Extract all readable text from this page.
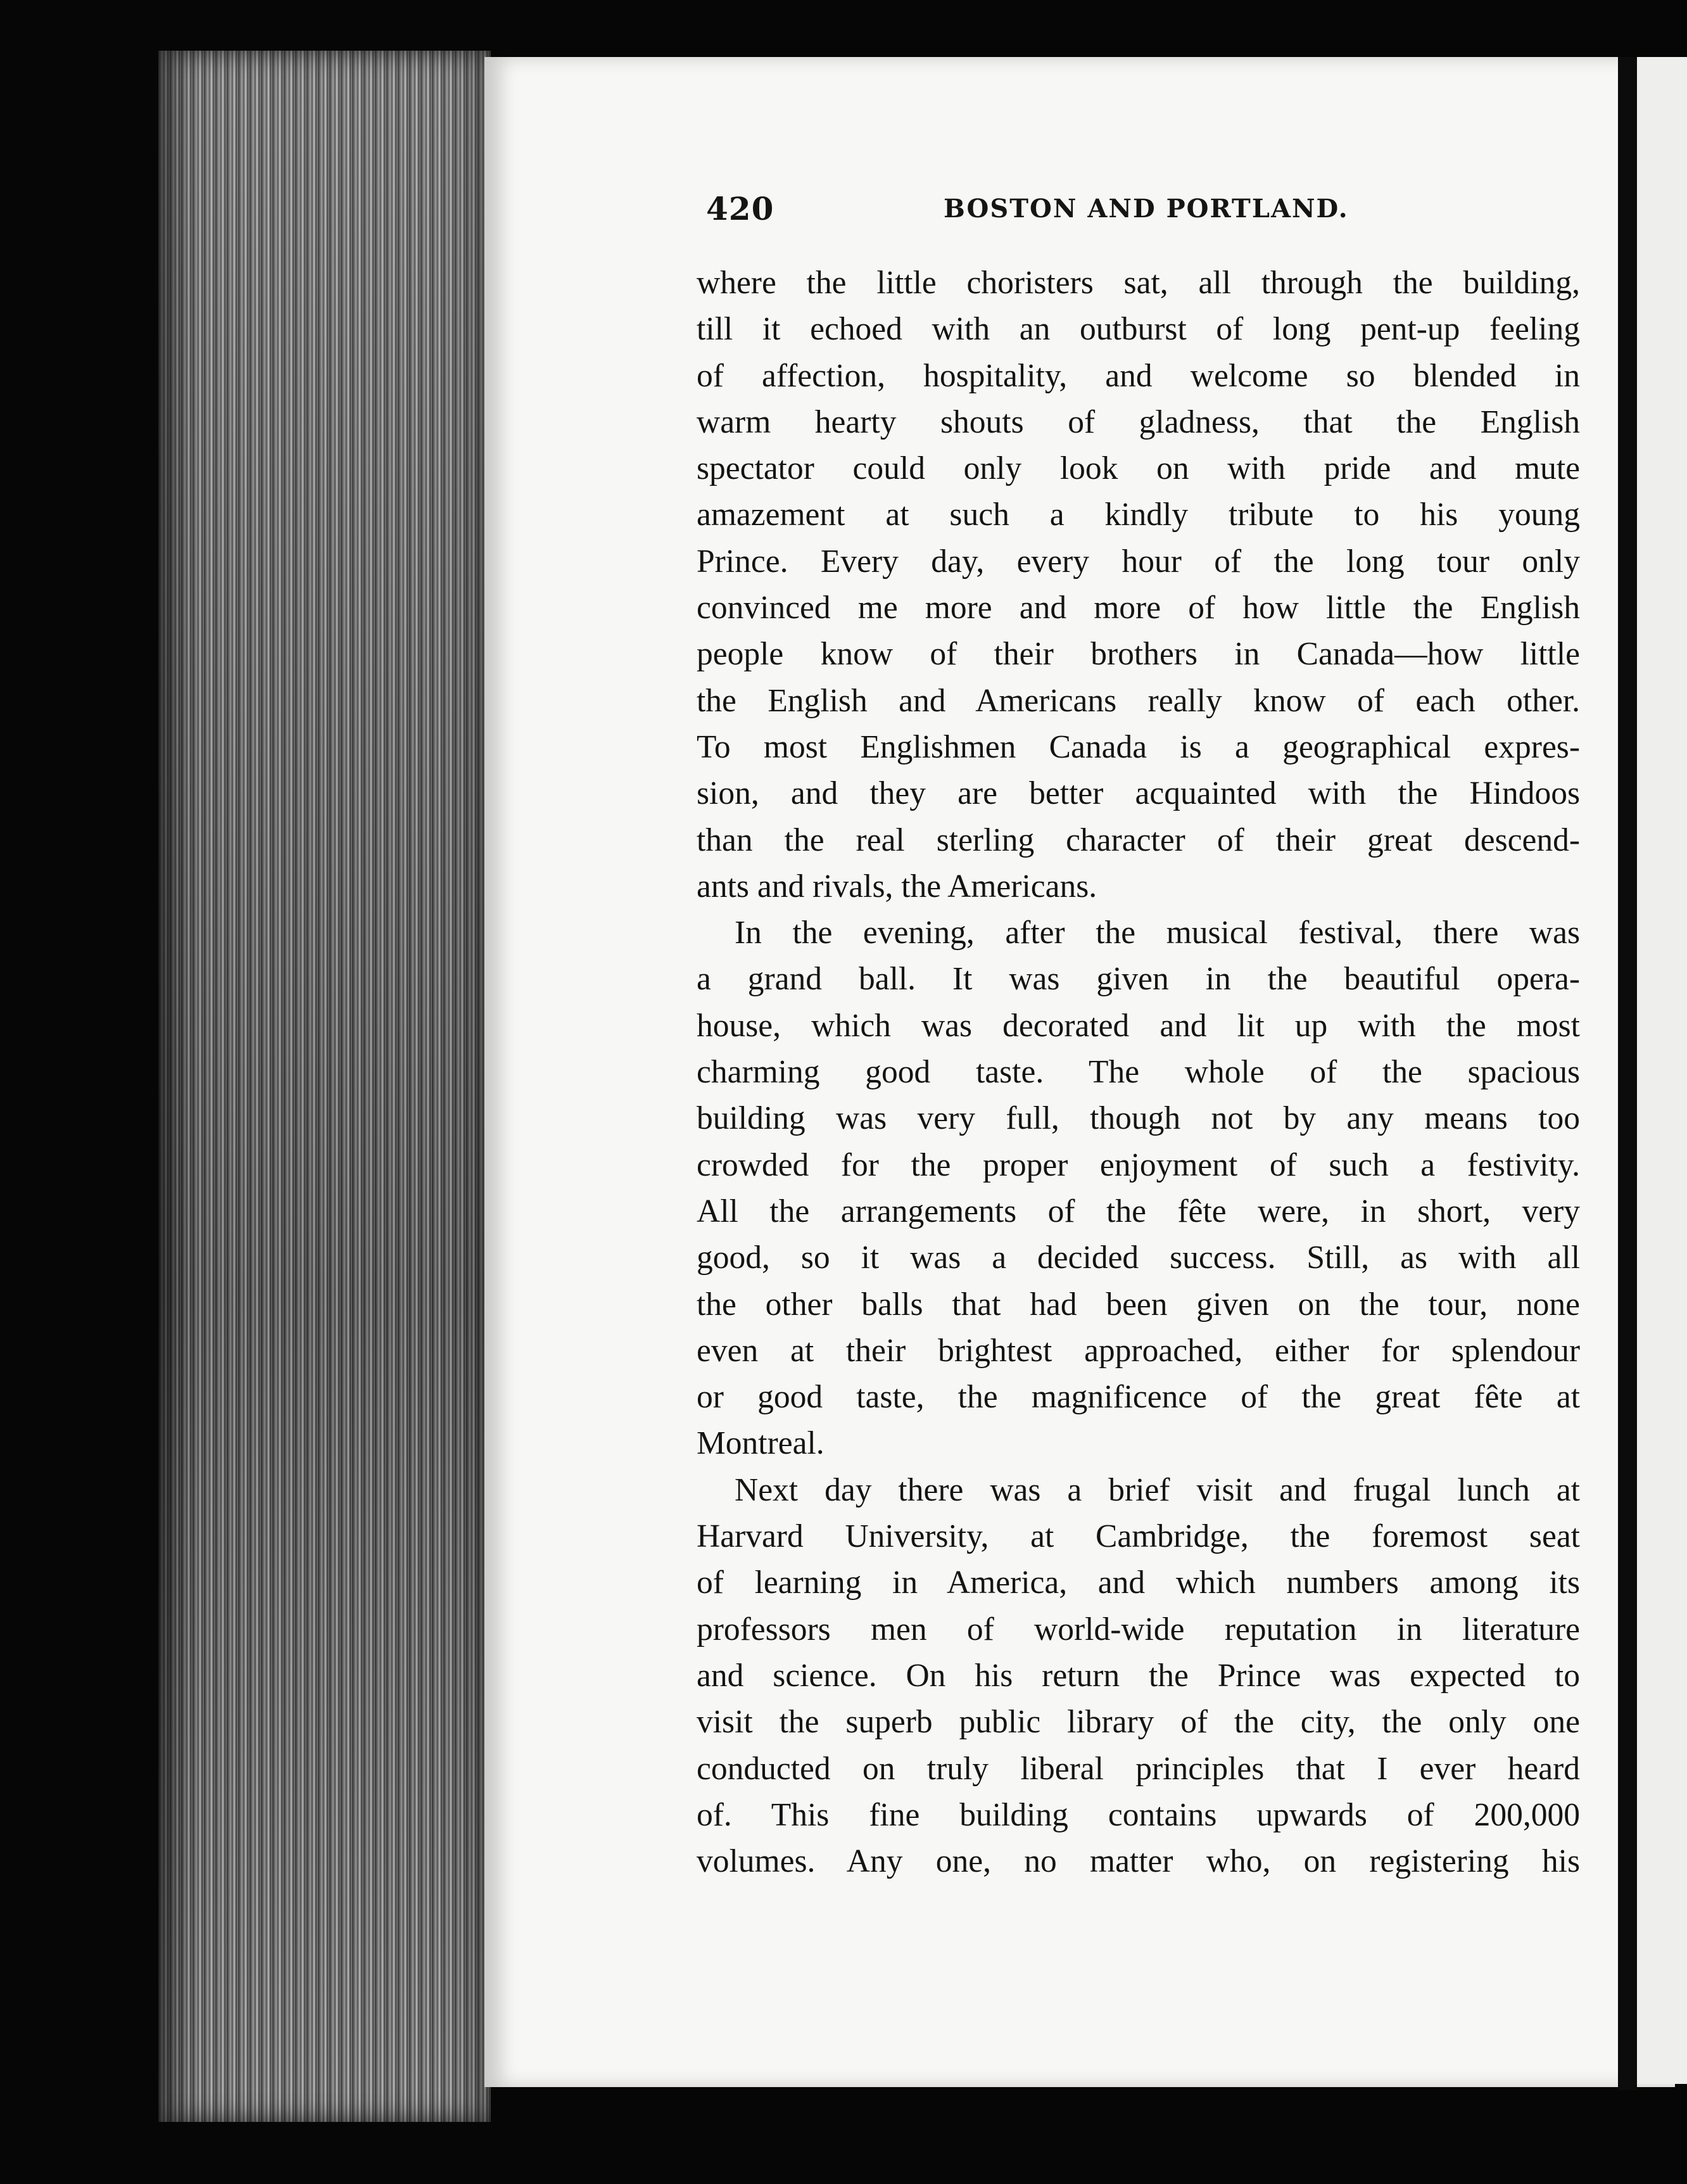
420	BOSTON AND PORTLAND.
where the little choristers sat, all through the building,
till it echoed with an outburst of long pent-up feeling
of affection, hospitality, and welcome so blended in
warm hearty shouts of gladness, that the English
spectator could only look on with pride and mute
amazement at such a kindly tribute to his young
Prince. Every day, every hour of the long tour only
convinced me more and more of how little the English
people know of their brothers in Canada—how little
the English and Americans really know of each other.
To most Englishmen Canada is a geographical expres-
sion, and they are better acquainted with the Hindoos
than the real sterling character of their great descend-
ants and rivals, the Americans.
In the evening, after the musical festival, there was
a grand ball. It was given in the beautiful opera-
house, which was decorated and lit up with the most
charming good taste. The whole of the spacious
building was very full, though not by any means too
crowded for the proper enjoyment of such a festivity.
All the arrangements of the fête were, in short, very
good, so it was a decided success. Still, as with all
the other balls that had been given on the tour, none
even at their brightest approached, either for splendour
or good taste, the magnificence of the great fête at
Montreal.
Next day there was a brief visit and frugal lunch at
Harvard University, at Cambridge, the foremost seat
of learning in America, and which numbers among its
professors men of world-wide reputation in literature
and science. On his return the Prince was expected to
visit the superb public library of the city, the only one
conducted on truly liberal principles that I ever heard
of. This fine building contains upwards of 200,000
volumes. Any one, no matter who, on registering his
